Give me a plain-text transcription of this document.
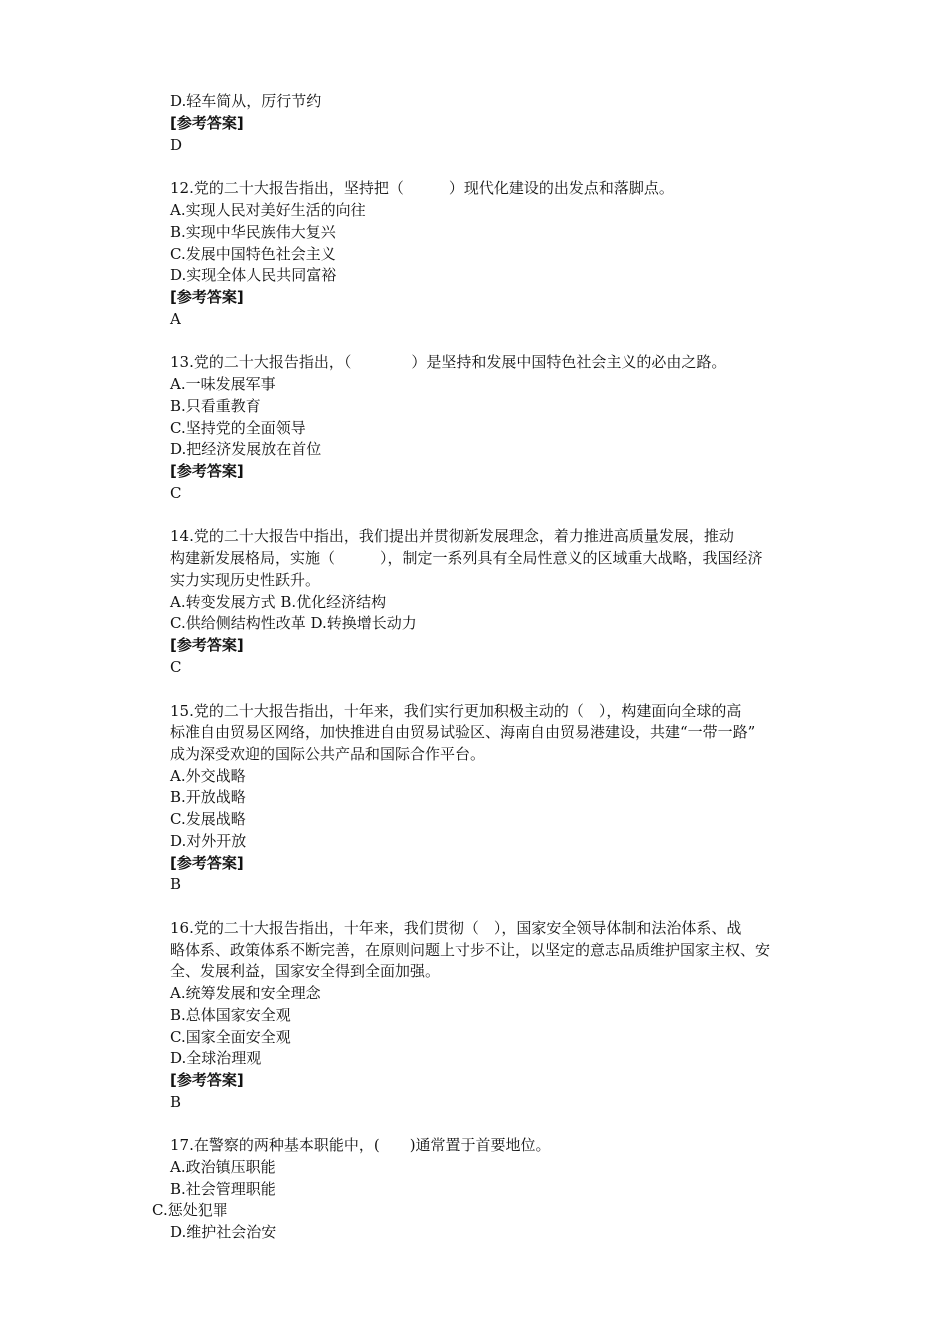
D.轻车简从，厉行节约
[参考答案]
D
12.党的二十大报告指出，坚持把（　　　）现代化建设的出发点和落脚点。
A.实现人民对美好生活的向往
B.实现中华民族伟大复兴
C.发展中国特色社会主义
D.实现全体人民共同富裕
[参考答案]
A
13.党的二十大报告指出，（　　　　）是坚持和发展中国特色社会主义的必由之路。
A.一味发展军事
B.只看重教育
C.坚持党的全面领导
D.把经济发展放在首位
[参考答案]
C
14.党的二十大报告中指出，我们提出并贯彻新发展理念，着力推进高质量发展，推动
构建新发展格局，实施（　　　），制定一系列具有全局性意义的区域重大战略，我国经济
实力实现历史性跃升。
A.转变发展方式 B.优化经济结构
C.供给侧结构性改革 D.转换增长动力
[参考答案]
C
15.党的二十大报告指出，十年来，我们实行更加积极主动的（　），构建面向全球的高
标准自由贸易区网络，加快推进自由贸易试验区、海南自由贸易港建设，共建“一带一路”
成为深受欢迎的国际公共产品和国际合作平台。
A.外交战略
B.开放战略
C.发展战略
D.对外开放
[参考答案]
B
16.党的二十大报告指出，十年来，我们贯彻（　），国家安全领导体制和法治体系、战
略体系、政策体系不断完善，在原则问题上寸步不让，以坚定的意志品质维护国家主权、安
全、发展利益，国家安全得到全面加强。
A.统筹发展和安全理念
B.总体国家安全观
C.国家全面安全观
D.全球治理观
[参考答案]
B
17.在警察的两种基本职能中，(　　)通常置于首要地位。
A.政治镇压职能
B.社会管理职能
C.惩处犯罪
D.维护社会治安
